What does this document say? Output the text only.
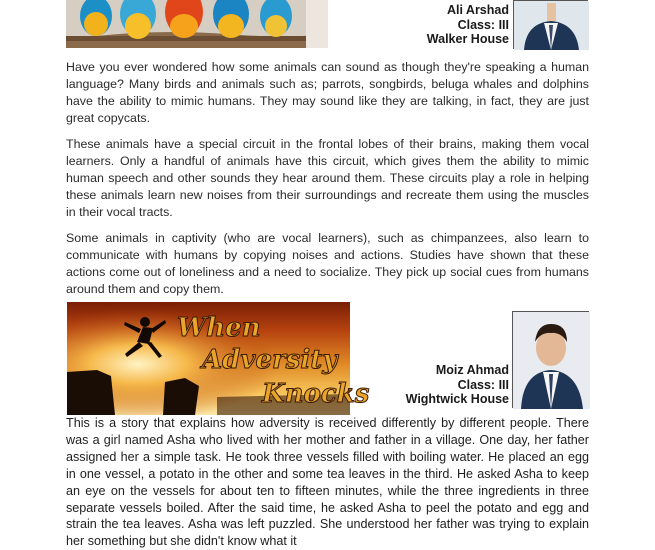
Ali Arshad
Class: III
Walker House

Have you ever wondered how some animals can sound as though they're speaking a human language? Many birds and animals such as; parrots, songbirds, beluga whales and dolphins have the ability to mimic humans. They may sound like they are talking, in fact, they are just great copycats.

These animals have a special circuit in the frontal lobes of their brains, making them vocal learners. Only a handful of animals have this circuit, which gives them the ability to mimic human speech and other sounds they hear around them. These circuits play a role in helping these animals learn new noises from their surroundings and recreate them using the muscles in their vocal tracts.

Some animals in captivity (who are vocal learners), such as chimpanzees, also learn to communicate with humans by copying noises and actions. Studies have shown that these actions come out of loneliness and a need to socialize. They pick up social cues from humans around them and copy them.

When
Adversity
Knocks
Moiz Ahmad
Class: III
Wightwick House

This is a story that explains how adversity is received differently by different people. There was a girl named Asha who lived with her mother and father in a village. One day, her father assigned her a simple task. He took three vessels filled with boiling water. He placed an egg in one vessel, a potato in the other and some tea leaves in the third. He asked Asha to keep an eye on the vessels for about ten to fifteen minutes, while the three ingredients in three separate vessels boiled. After the said time, he asked Asha to peel the potato and egg and strain the tea leaves. Asha was left puzzled. She understood her father was trying to explain her something but she didn't know what it
